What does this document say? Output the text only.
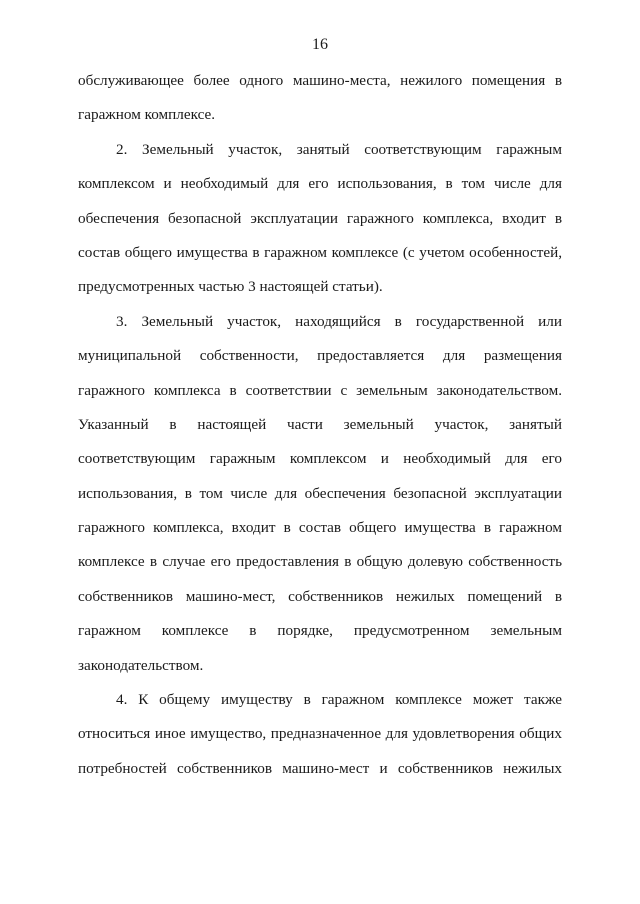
16
обслуживающее более одного машино-места, нежилого помещения в
гаражном комплексе.
2. Земельный участок, занятый соответствующим гаражным
комплексом и необходимый для его использования, в том числе для
обеспечения безопасной эксплуатации гаражного комплекса, входит в
состав общего имущества в гаражном комплексе (с учетом особенностей,
предусмотренных частью 3 настоящей статьи).
3. Земельный участок, находящийся в государственной или
муниципальной собственности, предоставляется для размещения
гаражного комплекса в соответствии с земельным законодательством.
Указанный в настоящей части земельный участок, занятый
соответствующим гаражным комплексом и необходимый для его
использования, в том числе для обеспечения безопасной эксплуатации
гаражного комплекса, входит в состав общего имущества в гаражном
комплексе в случае его предоставления в общую долевую собственность
собственников машино-мест, собственников нежилых помещений в
гаражном комплексе в порядке, предусмотренном земельным
законодательством.
4. К общему имуществу в гаражном комплексе может также
относиться иное имущество, предназначенное для удовлетворения общих
потребностей собственников машино-мест и собственников нежилых
